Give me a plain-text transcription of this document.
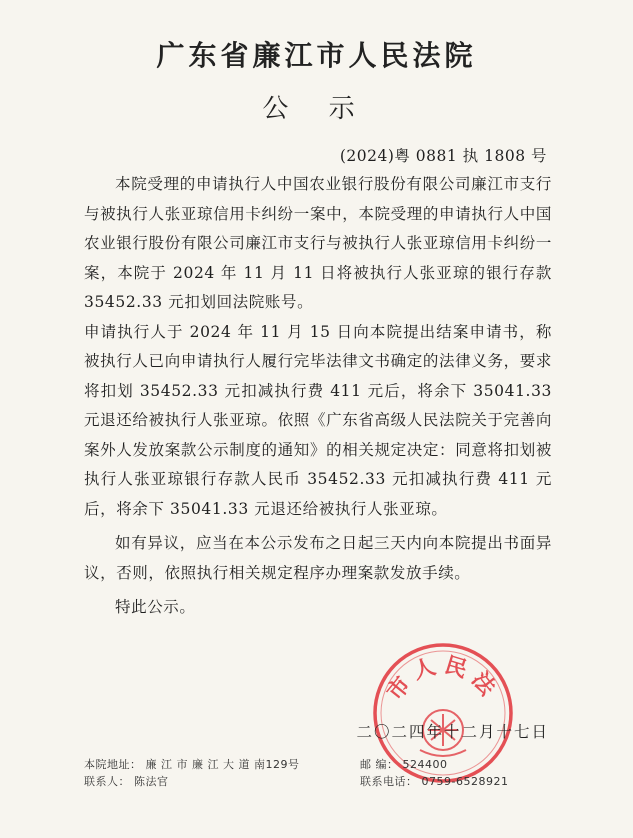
广东省廉江市人民法院
公 示
(2024)粤 0881 执 1808 号

本院受理的申请执行人中国农业银行股份有限公司廉江市支行与被执行人张亚琼信用卡纠纷一案中，本院受理的申请执行人中国农业银行股份有限公司廉江市支行与被执行人张亚琼信用卡纠纷一案，本院于 2024 年 11 月 11 日将被执行人张亚琼的银行存款 35452.33 元扣划回法院账号。

申请执行人于 2024 年 11 月 15 日向本院提出结案申请书，称被执行人已向申请执行人履行完毕法律文书确定的法律义务，要求将扣划 35452.33 元扣减执行费 411 元后，将余下 35041.33 元退还给被执行人张亚琼。依照《广东省高级人民法院关于完善向案外人发放案款公示制度的通知》的相关规定决定：同意将扣划被执行人张亚琼银行存款人民币 35452.33 元扣减执行费 411 元后，将余下 35041.33 元退还给被执行人张亚琼。

如有异议，应当在本公示发布之日起三天内向本院提出书面异议，否则，依照执行相关规定程序办理案款发放手续。

特此公示。

市人民法
二〇二四年十二月十七日
本院地址： 廉 江 市 廉 江 大 道 南129号
联系人： 陈法官
邮 编： 524400
联系电话： 0759-6528921
